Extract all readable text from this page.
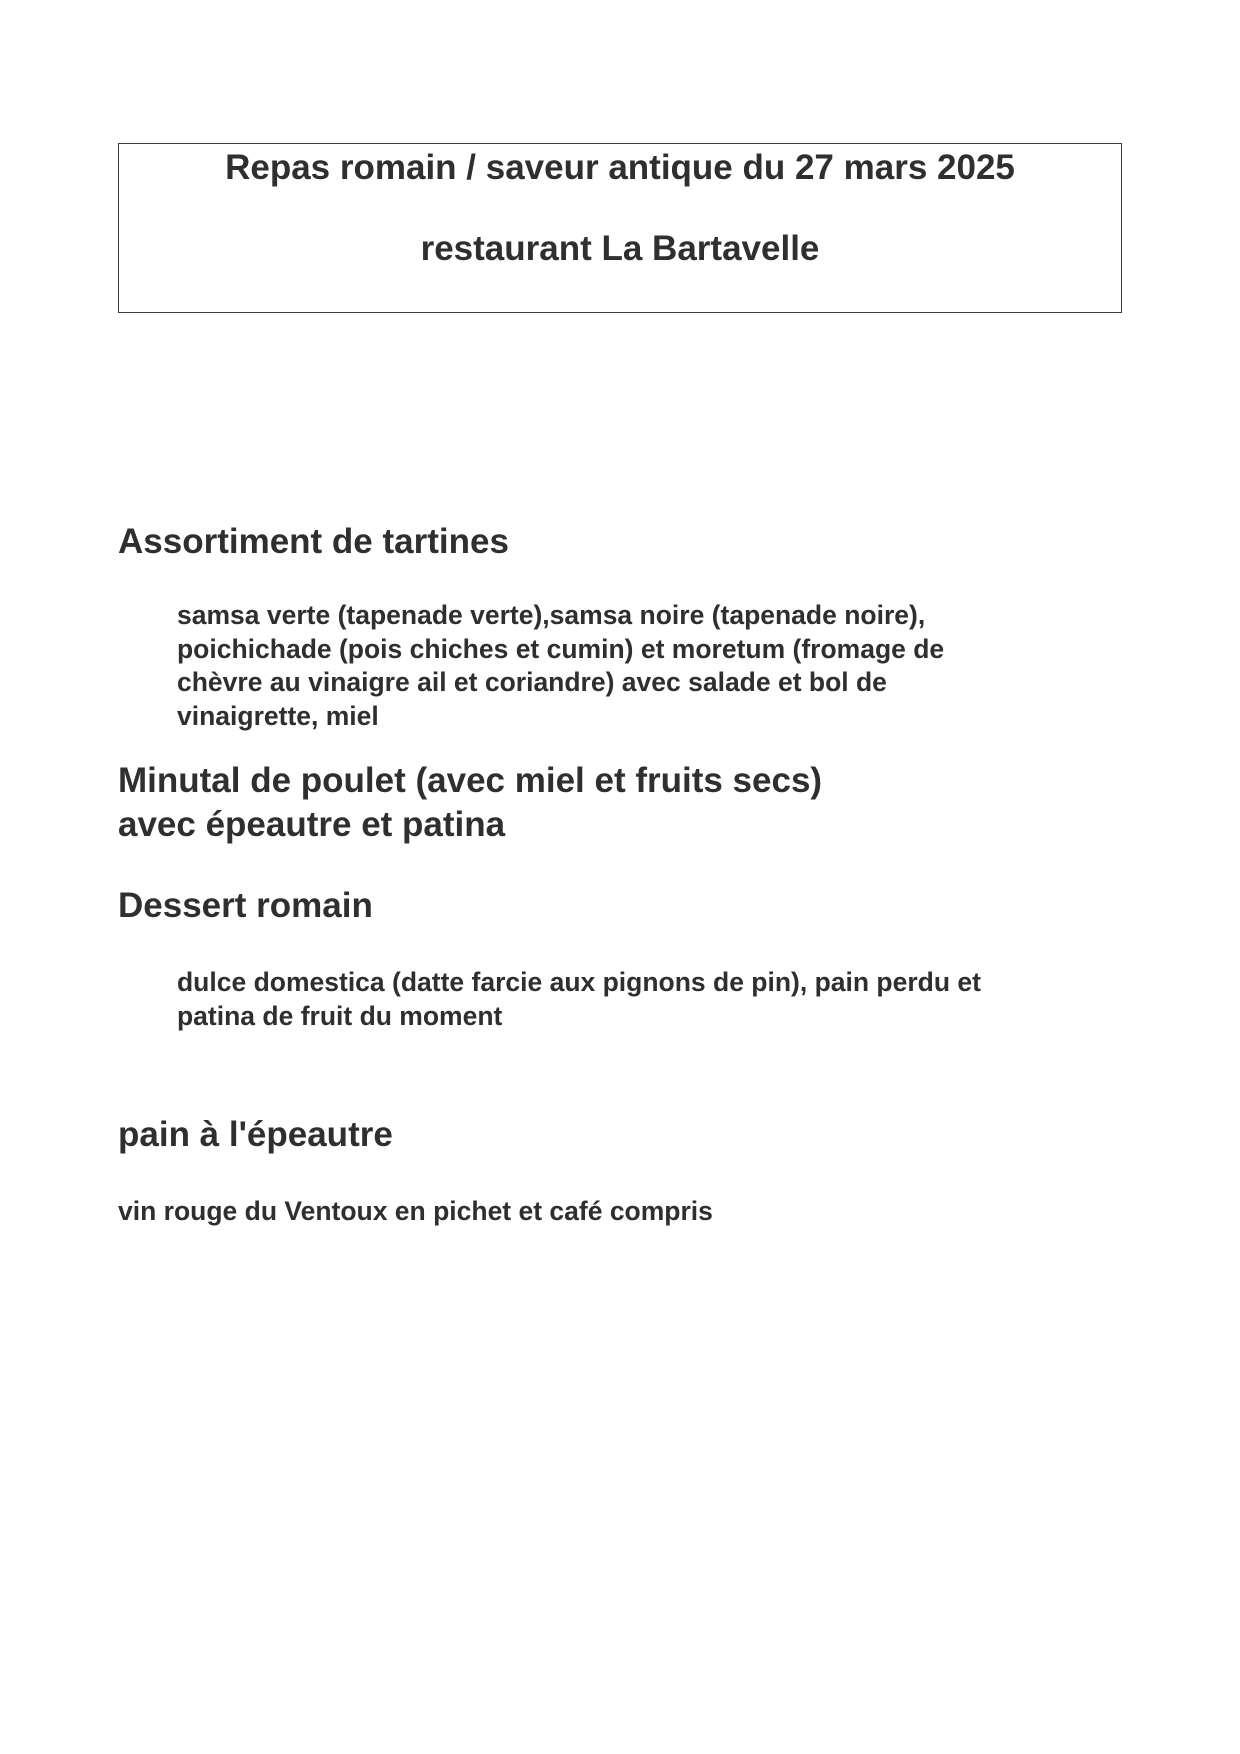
Repas romain / saveur antique du 27 mars 2025
restaurant La Bartavelle
Assortiment de tartines
samsa verte (tapenade verte),samsa noire (tapenade noire),
poichichade (pois chiches et cumin) et moretum (fromage de
chèvre au vinaigre ail et coriandre) avec salade et bol de
vinaigrette, miel
Minutal de poulet (avec miel et fruits secs)
avec épeautre et patina
Dessert romain
dulce domestica (datte farcie aux pignons de pin), pain perdu et
patina de fruit du moment
pain à l'épeautre
vin rouge du Ventoux en pichet et café compris
